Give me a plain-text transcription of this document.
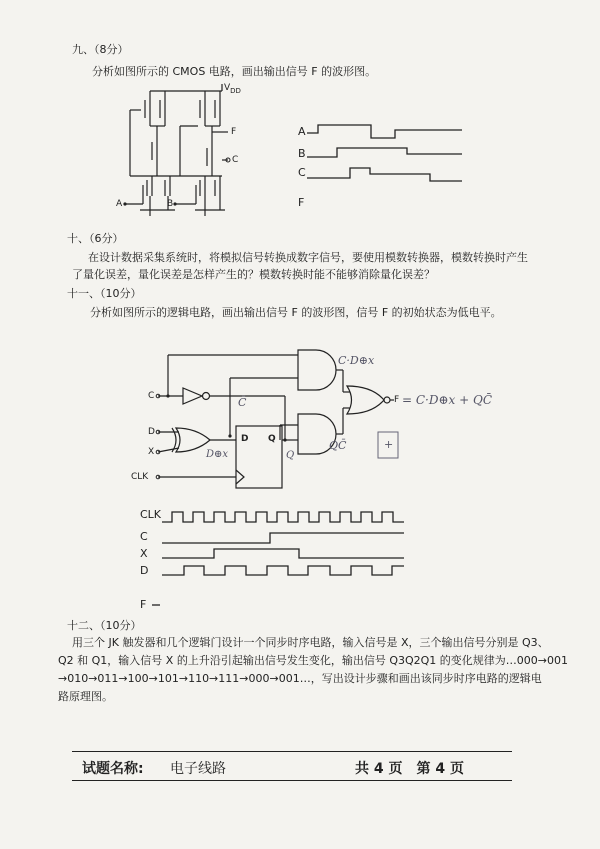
九、（8分）
分析如图所示的 CMOS 电路，画出输出信号 F 的波形图。
$V_{DD}$
A	B
F
C
A
B
C
F
十、（6分）
在设计数据采集系统时，将模拟信号转换成数字信号，要使用模数转换器，模数转换时产生
了量化误差，量化误差是怎样产生的？模数转换时能不能够消除量化误差？
十一、（10分）
分析如图所示的逻辑电路，画出输出信号 F 的波形图，信号 F 的初始状态为低电平。
C
D
X
CLK
D Q
F
C̄
D⊕x	Q
C·D⊕x
QC̄
= C·D⊕x + QC̄
+
CLK
C
X
D
F
十二、（10分）
用三个 JK 触发器和几个逻辑门设计一个同步时序电路，输入信号是 X，三个输出信号分别是 Q3、
Q2 和 Q1，输入信号 X 的上升沿引起输出信号发生变化，输出信号 Q3Q2Q1 的变化规律为…000→001
→010→011→100→101→110→111→000→001…，写出设计步骤和画出该同步时序电路的逻辑电
路原理图。
试题名称: 电子线路	共 4 页　第 4 页
